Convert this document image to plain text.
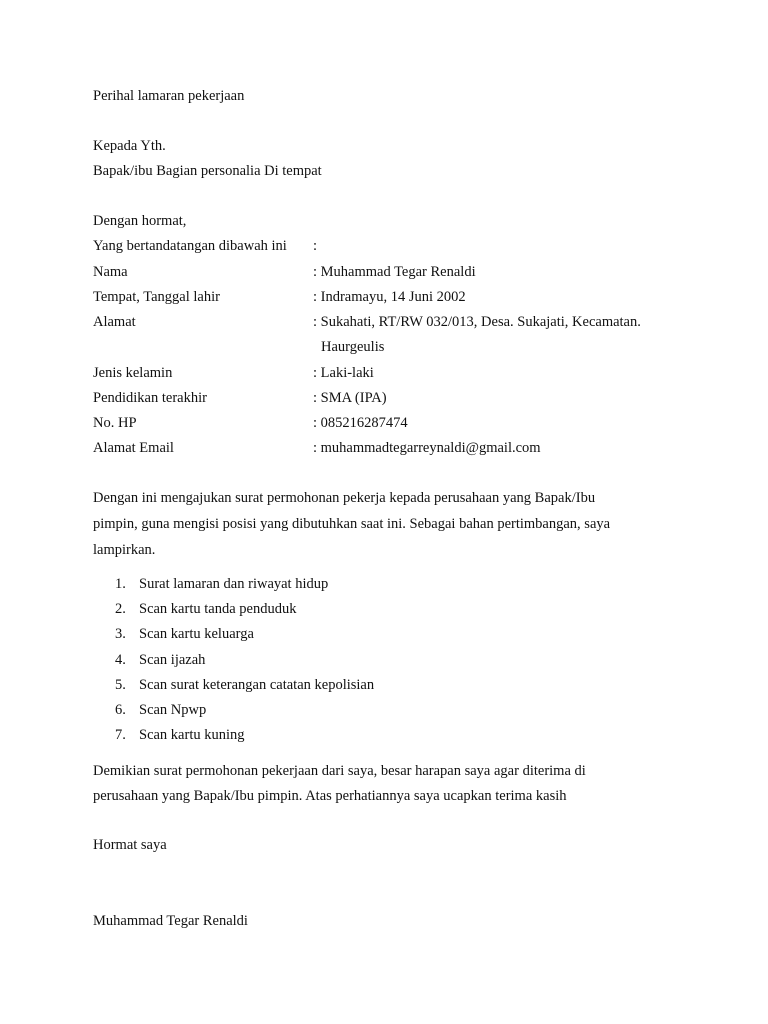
Perihal lamaran pekerjaan
Kepada Yth.
Bapak/ibu Bagian personalia Di tempat
Dengan hormat,
Yang bertandatangan dibawah ini :
Nama	: Muhammad Tegar Renaldi
Tempat, Tanggal lahir	: Indramayu, 14 Juni 2002
Alamat	: Sukahati, RT/RW 032/013, Desa. Sukajati, Kecamatan.
Haurgeulis
Jenis kelamin	: Laki-laki
Pendidikan terakhir	: SMA (IPA)
No. HP	: 085216287474
Alamat Email	: muhammadtegarreynaldi@gmail.com
Dengan ini mengajukan surat permohonan pekerja kepada perusahaan yang Bapak/Ibu
pimpin, guna mengisi posisi yang dibutuhkan saat ini. Sebagai bahan pertimbangan, saya
lampirkan.
1. Surat lamaran dan riwayat hidup
2. Scan kartu tanda penduduk
3. Scan kartu keluarga
4. Scan ijazah
5. Scan surat keterangan catatan kepolisian
6. Scan Npwp
7. Scan kartu kuning
Demikian surat permohonan pekerjaan dari saya, besar harapan saya agar diterima di
perusahaan yang Bapak/Ibu pimpin. Atas perhatiannya saya ucapkan terima kasih
Hormat saya
Muhammad Tegar Renaldi
